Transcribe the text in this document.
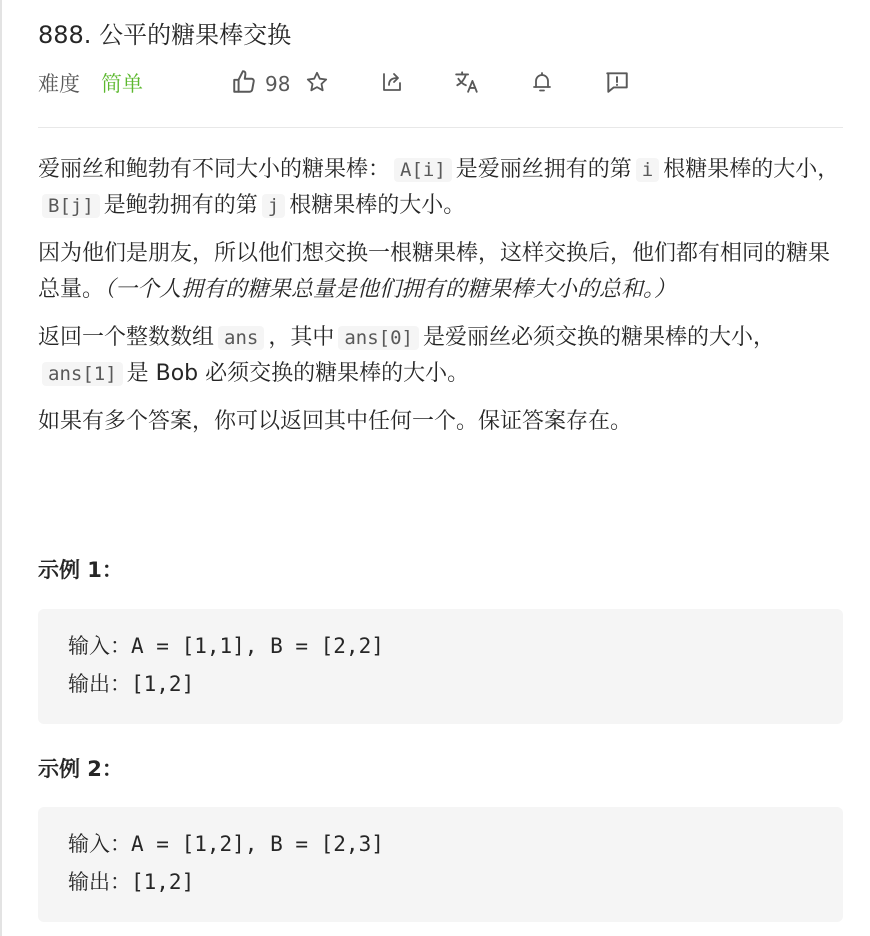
888. 公平的糖果棒交换
难度 简单	98

爱丽丝和鲍勃有不同大小的糖果棒： A[i] 是爱丽丝拥有的第 i 根糖果棒的大小，B[j] 是鲍勃拥有的第 j 根糖果棒的大小。

因为他们是朋友，所以他们想交换一根糖果棒，这样交换后，他们都有相同的糖果总量。（一个人拥有的糖果总量是他们拥有的糖果棒大小的总和。）

返回一个整数数组 ans ，其中 ans[0] 是爱丽丝必须交换的糖果棒的大小，ans[1] 是 Bob 必须交换的糖果棒的大小。

如果有多个答案，你可以返回其中任何一个。保证答案存在。

示例 1：
输入：A = [1,1], B = [2,2]
输出：[1,2]
示例 2：
输入：A = [1,2], B = [2,3]
输出：[1,2]
